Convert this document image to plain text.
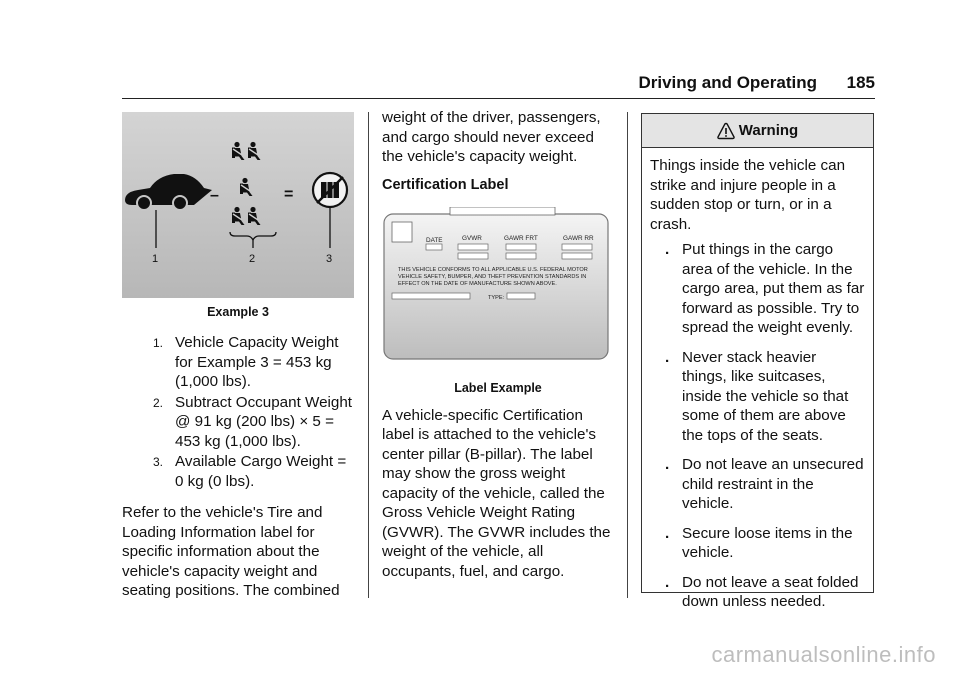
Driving and Operating 185
–	=
1	2	3
Example 3
1. Vehicle Capacity Weight for Example 3 = 453 kg (1,000 lbs).
2. Subtract Occupant Weight @ 91 kg (200 lbs) × 5 = 453 kg (1,000 lbs).
3. Available Cargo Weight = 0 kg (0 lbs).

Refer to the vehicle's Tire and Loading Information label for specific information about the vehicle's capacity weight and seating positions. The combined

weight of the driver, passengers, and cargo should never exceed the vehicle's capacity weight.

Certification Label
DATE	GVWR	GAWR FRT	GAWR RR
THIS VEHICLE CONFORMS TO ALL APPLICABLE U.S. FEDERAL MOTOR
VEHICLE SAFETY, BUMPER, AND THEFT PREVENTION STANDARDS IN
EFFECT ON THE DATE OF MANUFACTURE SHOWN ABOVE.
TYPE:
Label Example

A vehicle-specific Certification label is attached to the vehicle's center pillar (B-pillar). The label may show the gross weight capacity of the vehicle, called the Gross Vehicle Weight Rating (GVWR). The GVWR includes the weight of the vehicle, all occupants, fuel, and cargo.

Warning

Things inside the vehicle can strike and injure people in a sudden stop or turn, or in a crash.

. Put things in the cargo area of the vehicle. In the cargo area, put them as far forward as possible. Try to spread the weight evenly.
. Never stack heavier things, like suitcases, inside the vehicle so that some of them are above the tops of the seats.
. Do not leave an unsecured child restraint in the vehicle.
. Secure loose items in the vehicle.
. Do not leave a seat folded down unless needed.
carmanualsonline.info
